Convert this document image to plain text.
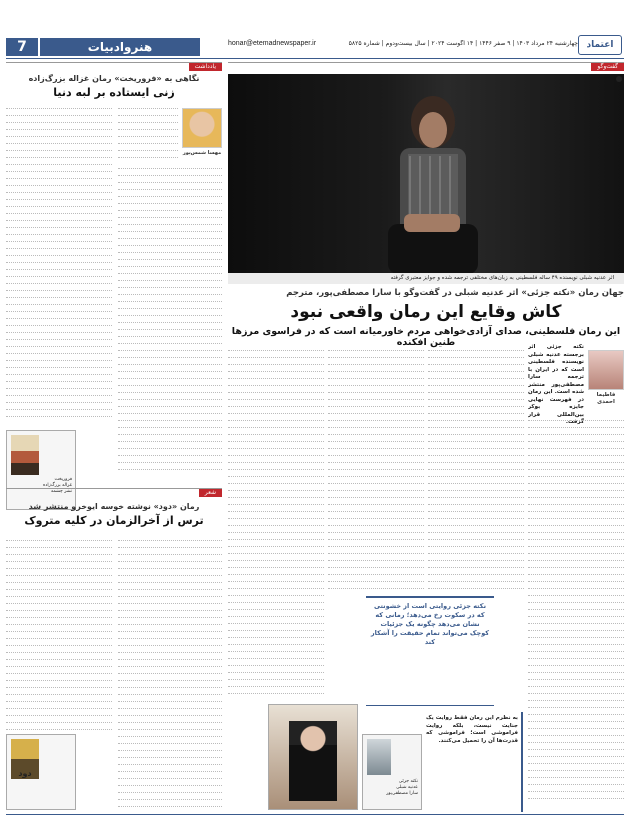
7	هنروادبیات	honar@etemadnewspaper.ir	چهارشنبه ۲۴ مرداد ۱۴۰۳ | ۹ صفر ۱۴۴۶ | ۱۴ آگوست ۲۰۲۴ | سال بیست‌ودوم | شماره ۵۸۲۵ اعتماد
گفت‌وگو
اثر عدنیه شبلی نویسنده ۴۹ ساله فلسطینی به زبان‌های مختلفی ترجمه شده و جوایز معتبری گرفته
جهان رمان «نکته جزئی» اثر عدنیه شبلی در گفت‌وگو با سارا مصطفی‌پور، مترجم
کاش وقایع این رمان واقعی نبود
این رمان فلسطینی، صدای آزادی‌خواهی مردم خاورمیانه است که در فراسوی مرزها طنین افکنده
فاطیما احمدی
نکته جزئی اثر برجسته عدنیه شبلی نویسنده فلسطینی است که در ایران با ترجمه سارا مصطفی‌پور منتشر شده است. این رمان در فهرست نهایی جایزه بوکر بین‌المللی قرار گرفت.
نکته جزئی روایتی است از خشونتی که در سکوت رخ می‌دهد؛ رمانی که نشان می‌دهد چگونه یک جزئیات کوچک می‌تواند تمام حقیقت را آشکار کند
نکته جزئی
عدنیه شبلی
سارا مصطفی‌پور
به نظرم این رمان فقط روایت یک جنایت نیست، بلکه روایت فراموشی است؛ فراموشی که قدرت‌ها آن را تحمیل می‌کنند.
یادداشت
نگاهی به «فروریخت» رمان غزاله بزرگ‌زاده
زنی ایستاده بر لبه دنیا
مهسا شمس‌پور
فروریخت
غزاله بزرگ‌زاده
نشر چشمه	شعر
رمان «دود» نوشته خوسه ایوخرو منتشر شد
ترس از آخرالزمان در کلیه متروک
دود
